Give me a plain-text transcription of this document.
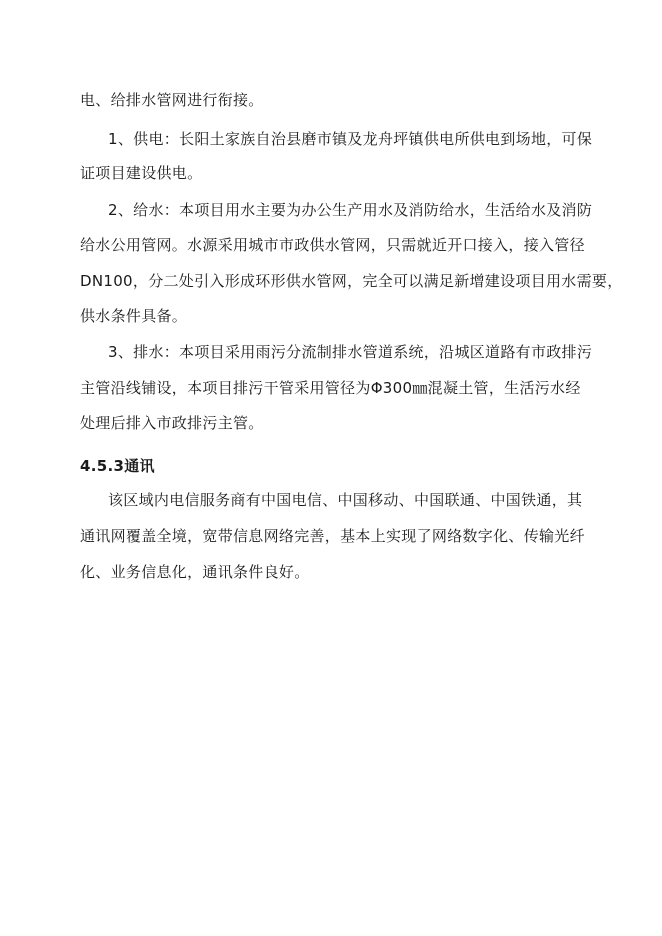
电、给排水管网进行衔接。
1、供电：长阳土家族自治县磨市镇及龙舟坪镇供电所供电到场地，可保
证项目建设供电。
2、给水：本项目用水主要为办公生产用水及消防给水，生活给水及消防
给水公用管网。水源采用城市市政供水管网，只需就近开口接入，接入管径
DN100，分二处引入形成环形供水管网，完全可以满足新增建设项目用水需要，
供水条件具备。
3、排水：本项目采用雨污分流制排水管道系统，沿城区道路有市政排污
主管沿线铺设，本项目排污干管采用管径为Φ300㎜混凝土管，生活污水经
处理后排入市政排污主管。
4.5.3通讯
该区域内电信服务商有中国电信、中国移动、中国联通、中国铁通，其
通讯网覆盖全境，宽带信息网络完善，基本上实现了网络数字化、传输光纤
化、业务信息化，通讯条件良好。
